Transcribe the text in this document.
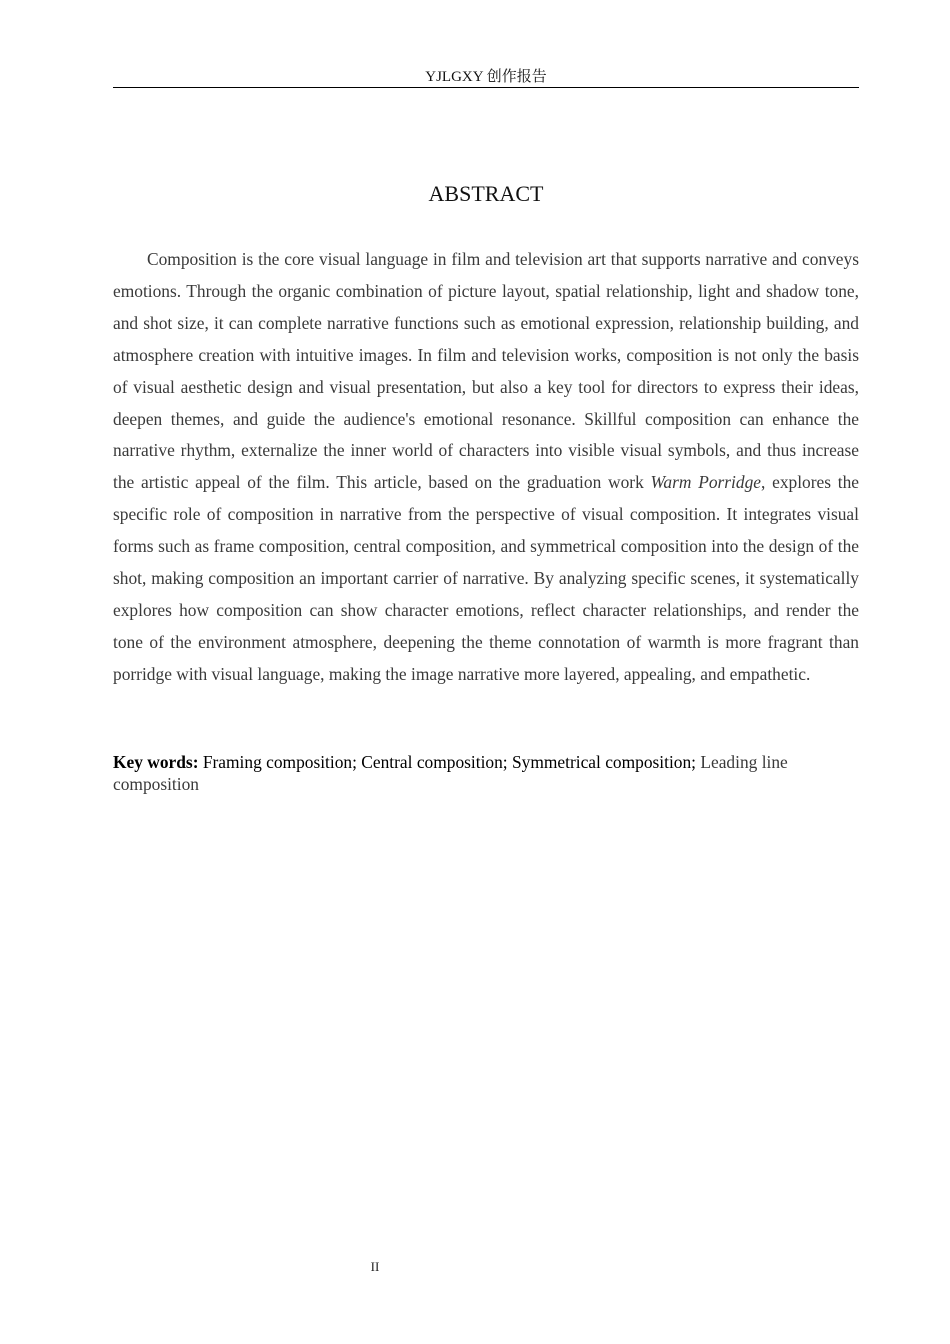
YJLGXY 创作报告
ABSTRACT

Composition is the core visual language in film and television art that supports narrative and conveys emotions. Through the organic combination of picture layout, spatial relationship, light and shadow tone, and shot size, it can complete narrative functions such as emotional expression, relationship building, and atmosphere creation with intuitive images. In film and television works, composition is not only the basis of visual aesthetic design and visual presentation, but also a key tool for directors to express their ideas, deepen themes, and guide the audience's emotional resonance. Skillful composition can enhance the narrative rhythm, externalize the inner world of characters into visible visual symbols, and thus increase the artistic appeal of the film. This article, based on the graduation work Warm Porridge, explores the specific role of composition in narrative from the perspective of visual composition. It integrates visual forms such as frame composition, central composition, and symmetrical composition into the design of the shot, making composition an important carrier of narrative. By analyzing specific scenes, it systematically explores how composition can show character emotions, reflect character relationships, and render the tone of the environment atmosphere, deepening the theme connotation of warmth is more fragrant than porridge with visual language, making the image narrative more layered, appealing, and empathetic.

Key words: Framing composition; Central composition; Symmetrical composition; Leading line composition

II
